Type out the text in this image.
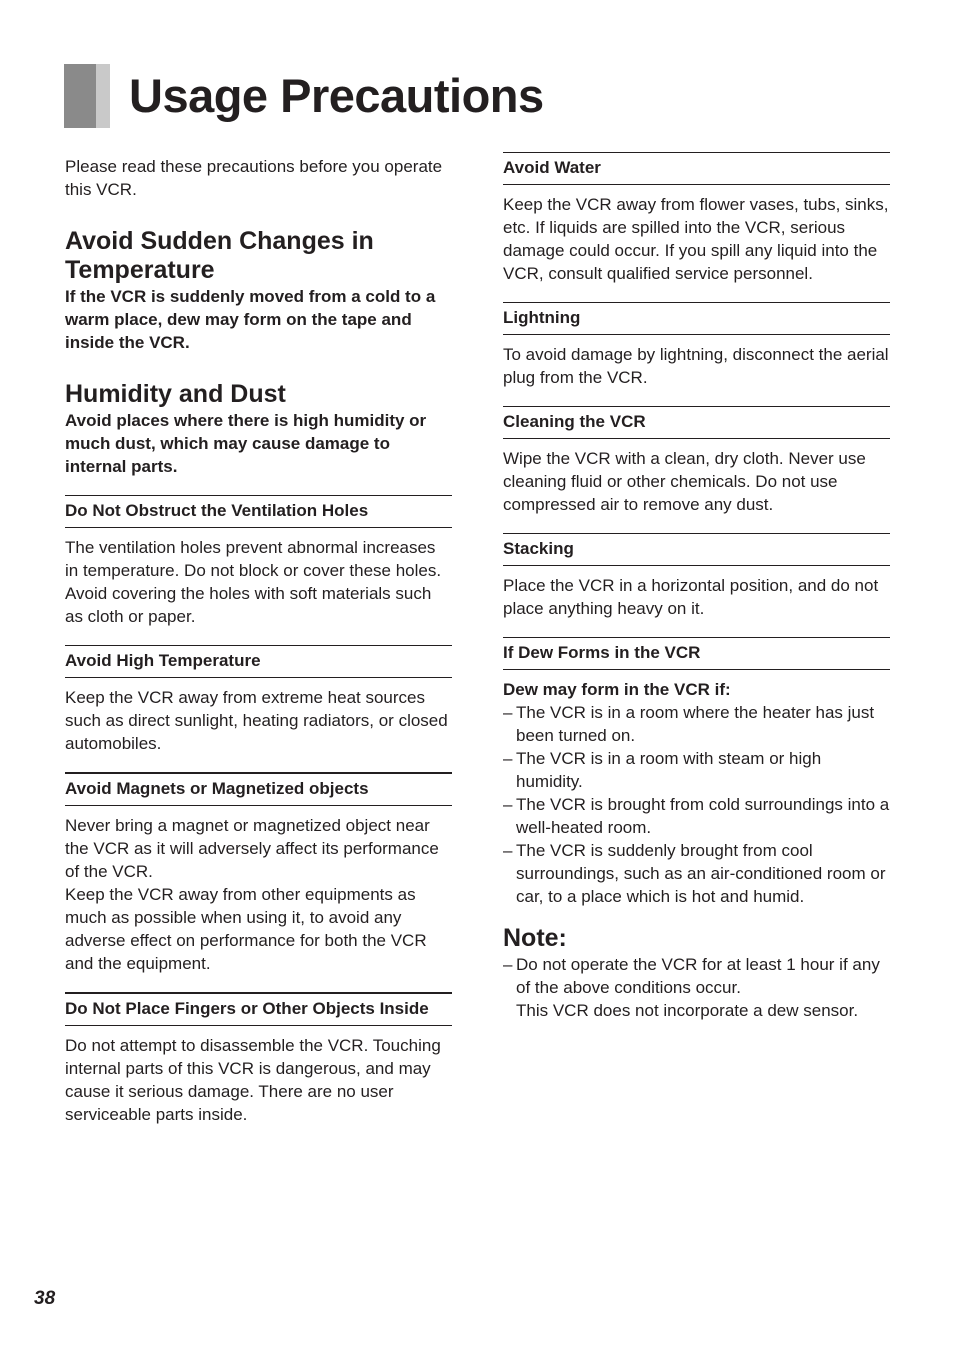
Usage Precautions

Please read these precautions before you operate this VCR.

Avoid Sudden Changes in Temperature

If the VCR is suddenly moved from a cold to a warm place, dew may form on the tape and inside the VCR.

Humidity and Dust

Avoid places where there is high humidity or much dust, which may cause damage to internal parts.

Do Not Obstruct the Ventilation Holes

The ventilation holes prevent abnormal increases in temperature. Do not block or cover these holes. Avoid covering the holes with soft materials such as cloth or paper.

Avoid High Temperature

Keep the VCR away from extreme heat sources such as direct sunlight, heating radiators, or closed automobiles.

Avoid Magnets or Magnetized objects

Never bring a magnet or magnetized object near the VCR as it will adversely affect its performance of the VCR.

Keep the VCR away from other equipments as much as possible when using it, to avoid any adverse effect on performance for both the VCR and the equipment.

Do Not Place Fingers or Other Objects Inside

Do not attempt to disassemble the VCR. Touching internal parts of this VCR is dangerous, and may cause it serious damage. There are no user serviceable parts inside.

Avoid Water

Keep the VCR away from flower vases, tubs, sinks, etc. If liquids are spilled into the VCR, serious damage could occur. If you spill any liquid into the VCR, consult qualified service personnel.

Lightning

To avoid damage by lightning, disconnect the aerial plug from the VCR.

Cleaning the VCR

Wipe the VCR with a clean, dry cloth. Never use cleaning fluid or other chemicals. Do not use compressed air to remove any dust.

Stacking

Place the VCR in a horizontal position, and do not place anything heavy on it.

If Dew Forms in the VCR

Dew may form in the VCR if:

– The VCR is in a room where the heater has just been turned on.
– The VCR is in a room with steam or high humidity.
– The VCR is brought from cold surroundings into a well-heated room.
– The VCR is suddenly brought from cool surroundings, such as an air-conditioned room or car, to a place which is hot and humid.
Note:
– Do not operate the VCR for at least 1 hour if any of the above conditions occur.
This VCR does not incorporate a dew sensor.
38
